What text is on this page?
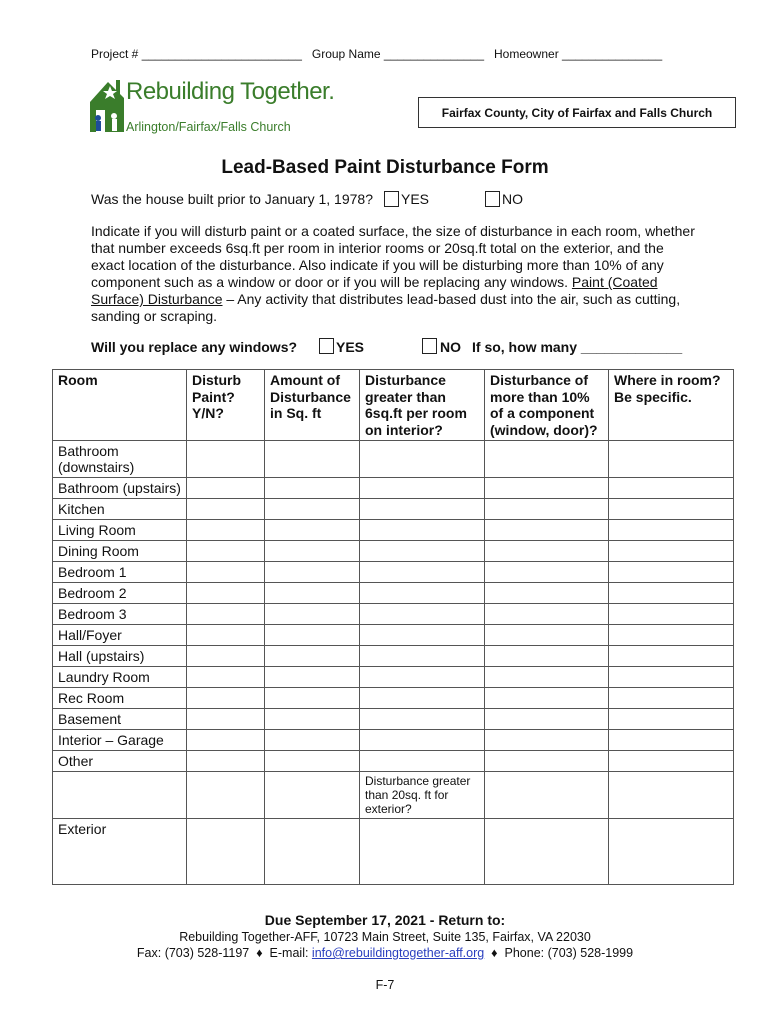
Project # ________________________   Group Name _______________   Homeowner _______________
Rebuilding Together.
Arlington/Fairfax/Falls Church
Fairfax County, City of Fairfax and Falls Church
Lead-Based Paint Disturbance Form
Was the house built prior to January 1, 1978? YES	NO
Indicate if you will disturb paint or a coated surface, the size of disturbance in each room, whether that number exceeds 6sq.ft per room in interior rooms or 20sq.ft total on the exterior, and the exact location of the disturbance. Also indicate if you will be disturbing more than 10% of any component such as a window or door or if you will be replacing any windows. Paint (Coated Surface) Disturbance – Any activity that distributes lead-based dust into the air, such as cutting, sanding or scraping.
Will you replace any windows?	YES	NO If so, how many _____________
Room	Disturb Paint? Y/N?	Amount of Disturbance in Sq. ft	Disturbance greater than 6sq.ft per room on interior?	Disturbance of more than 10% of a component (window, door)?	Where in room? Be specific.
Bathroom (downstairs)					
Bathroom (upstairs)					
Kitchen					
Living Room					
Dining Room					
Bedroom 1					
Bedroom 2					
Bedroom 3					
Hall/Foyer					
Hall (upstairs)					
Laundry Room					
Rec Room					
Basement					
Interior – Garage					
Other					
			Disturbance greater than 20sq. ft for exterior?		
Exterior					
Due September 17, 2021 - Return to:
Rebuilding Together-AFF, 10723 Main Street, Suite 135, Fairfax, VA 22030
Fax: (703) 528-1197  ♦  E-mail: info@rebuildingtogether-aff.org  ♦  Phone: (703) 528-1999
F-7
